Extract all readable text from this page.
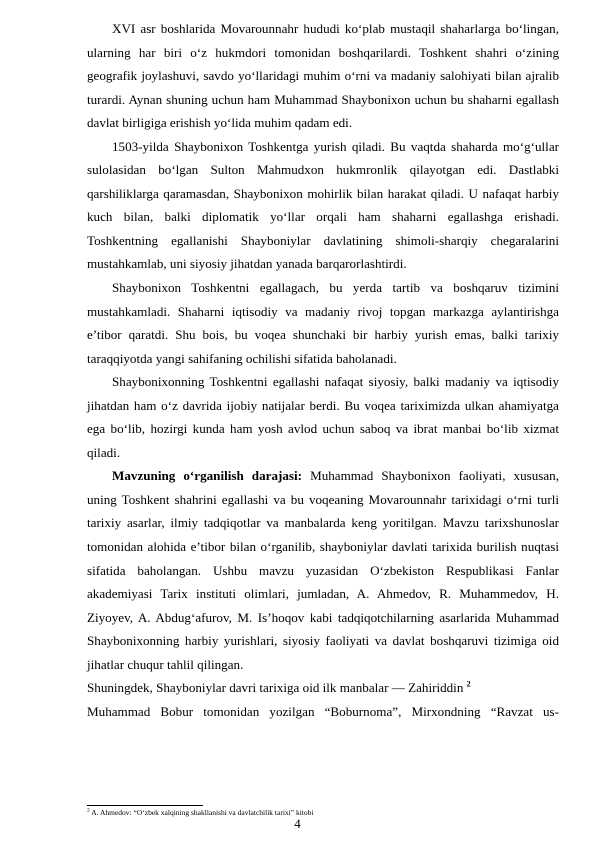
XVI asr boshlarida Movarounnahr hududi ko‘plab mustaqil shaharlarga bo‘lingan, ularning har biri o‘z hukmdori tomonidan boshqarilardi. Toshkent shahri o‘zining geografik joylashuvi, savdo yo‘llaridagi muhim o‘rni va madaniy salohiyati bilan ajralib turardi. Aynan shuning uchun ham Muhammad Shaybonixon uchun bu shaharni egallash davlat birligiga erishish yo‘lida muhim qadam edi.

1503-yilda Shaybonixon Toshkentga yurish qiladi. Bu vaqtda shaharda mo‘g‘ullar sulolasidan bo‘lgan Sulton Mahmudxon hukmronlik qilayotgan edi. Dastlabki qarshiliklarga qaramasdan, Shaybonixon mohirlik bilan harakat qiladi. U nafaqat harbiy kuch bilan, balki diplomatik yo‘llar orqali ham shaharni egallashga erishadi. Toshkentning egallanishi Shayboniylar davlatining shimoli-sharqiy chegaralarini mustahkamlab, uni siyosiy jihatdan yanada barqarorlashtirdi.

Shaybonixon Toshkentni egallagach, bu yerda tartib va boshqaruv tizimini mustahkamladi. Shaharni iqtisodiy va madaniy rivoj topgan markazga aylantirishga e’tibor qaratdi. Shu bois, bu voqea shunchaki bir harbiy yurish emas, balki tarixiy taraqqiyotda yangi sahifaning ochilishi sifatida baholanadi.

Shaybonixonning Toshkentni egallashi nafaqat siyosiy, balki madaniy va iqtisodiy jihatdan ham o‘z davrida ijobiy natijalar berdi. Bu voqea tariximizda ulkan ahamiyatga ega bo‘lib, hozirgi kunda ham yosh avlod uchun saboq va ibrat manbai bo‘lib xizmat qiladi.

Mavzuning o‘rganilish darajasi: Muhammad Shaybonixon faoliyati, xususan, uning Toshkent shahrini egallashi va bu voqeaning Movarounnahr tarixidagi o‘rni turli tarixiy asarlar, ilmiy tadqiqotlar va manbalarda keng yoritilgan. Mavzu tarixshunoslar tomonidan alohida e’tibor bilan o‘rganilib, shayboniylar davlati tarixida burilish nuqtasi sifatida baholangan. Ushbu mavzu yuzasidan O‘zbekiston Respublikasi Fanlar akademiyasi Tarix instituti olimlari, jumladan, A. Ahmedov, R. Muhammedov, H. Ziyoyev, A. Abdug‘afurov, M. Is’hoqov kabi tadqiqotchilarning asarlarida Muhammad Shaybonixonning harbiy yurishlari, siyosiy faoliyati va davlat boshqaruvi tizimiga oid jihatlar chuqur tahlil qilingan.

Shuningdek, Shayboniylar davri tarixiga oid ilk manbalar — Zahiriddin $^2$

Muhammad Bobur tomonidan yozilgan “Boburnoma”, Mirxondning “Ravzat us-

$^2$ A. Ahmedov: “O‘zbek xalqining shakllanishi va davlatchilik tarixi” kitobi
4
